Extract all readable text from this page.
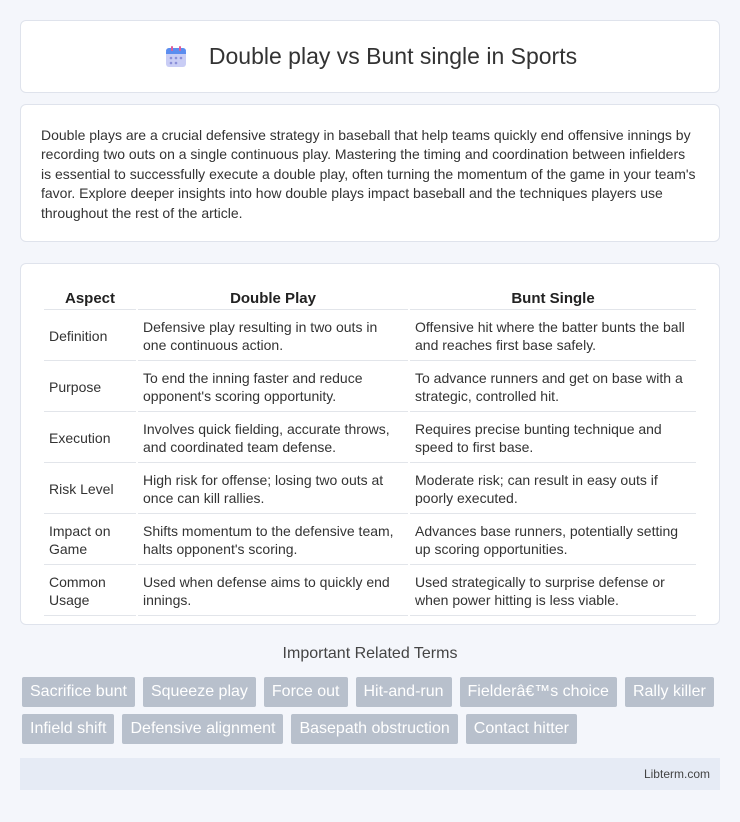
Double play vs Bunt single in Sports

Double plays are a crucial defensive strategy in baseball that help teams quickly end offensive innings by recording two outs on a single continuous play. Mastering the timing and coordination between infielders is essential to successfully execute a double play, often turning the momentum of the game in your team's favor. Explore deeper insights into how double plays impact baseball and the techniques players use throughout the rest of the article.

Aspect	Double Play	Bunt Single
Definition	Defensive play resulting in two outs in one continuous action.	Offensive hit where the batter bunts the ball and reaches first base safely.
Purpose	To end the inning faster and reduce opponent's scoring opportunity.	To advance runners and get on base with a strategic, controlled hit.
Execution	Involves quick fielding, accurate throws, and coordinated team defense.	Requires precise bunting technique and speed to first base.
Risk Level	High risk for offense; losing two outs at once can kill rallies.	Moderate risk; can result in easy outs if poorly executed.
Impact on Game	Shifts momentum to the defensive team, halts opponent's scoring.	Advances base runners, potentially setting up scoring opportunities.
Common Usage	Used when defense aims to quickly end innings.	Used strategically to surprise defense or when power hitting is less viable.
Important Related Terms
Sacrifice bunt	Squeeze play	Force out	Hit-and-run	Fielderâ€™s choice	Rally killer
Infield shift	Defensive alignment	Basepath obstruction	Contact hitter
Libterm.com
